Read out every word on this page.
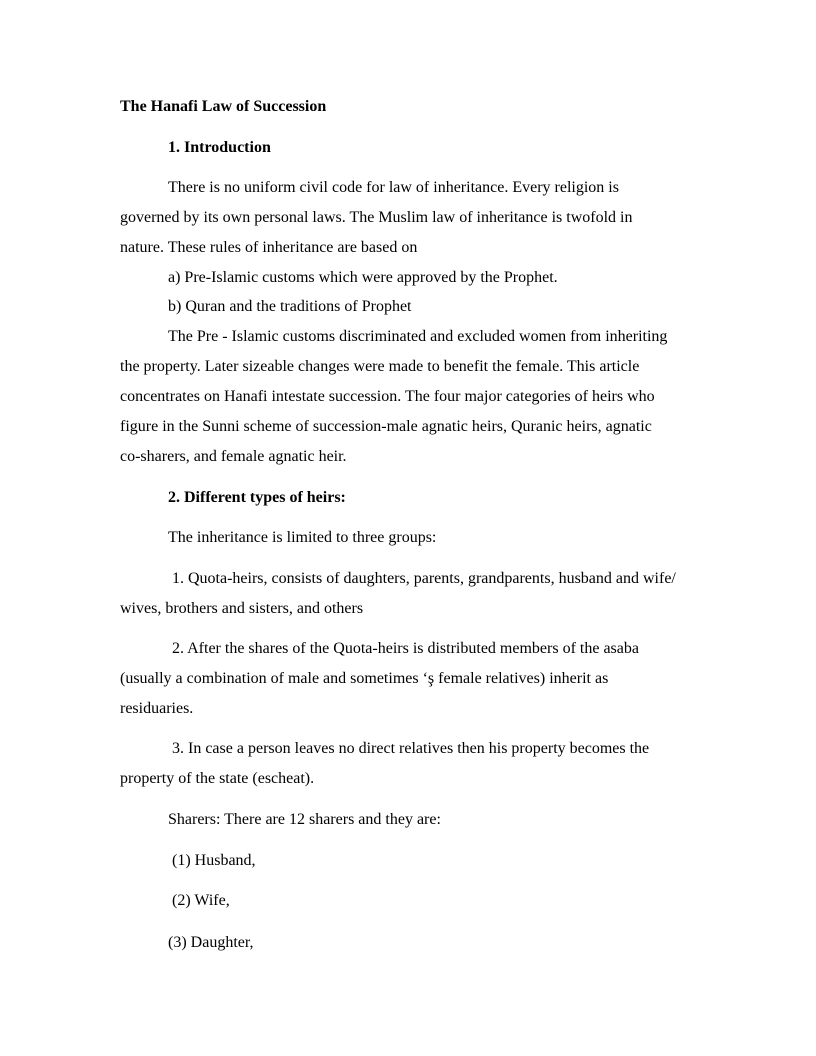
The Hanafi Law of Succession
1. Introduction
There is no uniform civil code for law of inheritance. Every religion is
governed by its own personal laws. The Muslim law of inheritance is twofold in
nature. These rules of inheritance are based on
a) Pre-Islamic customs which were approved by the Prophet.
b) Quran and the traditions of Prophet
The Pre - Islamic customs discriminated and excluded women from inheriting
the property. Later sizeable changes were made to benefit the female. This article
concentrates on Hanafi intestate succession. The four major categories of heirs who
figure in the Sunni scheme of succession-male agnatic heirs, Quranic heirs, agnatic
co-sharers, and female agnatic heir.
2. Different types of heirs:
The inheritance is limited to three groups:
1. Quota-heirs, consists of daughters, parents, grandparents, husband and wife/
wives, brothers and sisters, and others
2. After the shares of the Quota-heirs is distributed members of the asaba
(usually a combination of male and sometimes ‘ş female relatives) inherit as
residuaries.
3. In case a person leaves no direct relatives then his property becomes the
property of the state (escheat).
Sharers: There are 12 sharers and they are:
(1) Husband,
(2) Wife,
(3) Daughter,
